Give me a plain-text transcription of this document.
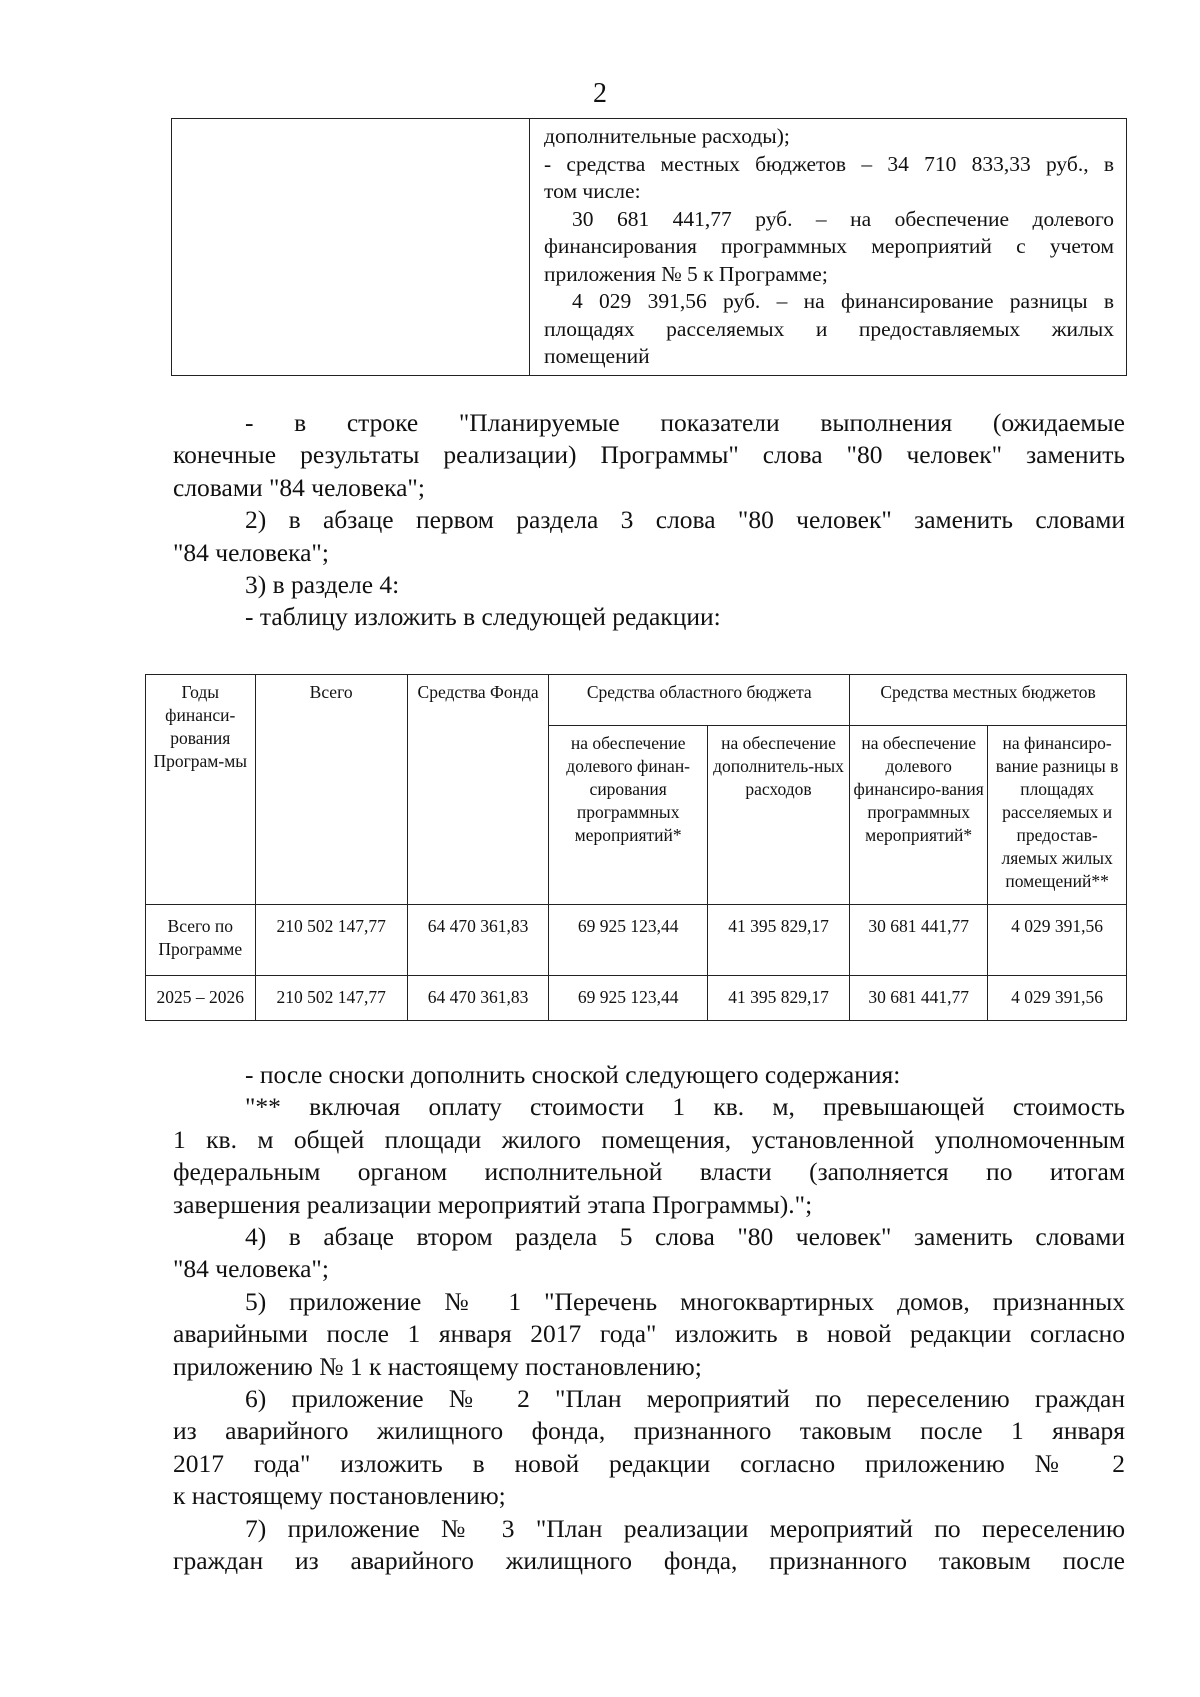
2

дополнительные расходы);
- средства местных бюджетов – 34 710 833,33 руб., в
том числе:
30 681 441,77 руб. – на обеспечение долевого
финансирования программных мероприятий с учетом
приложения № 5 к Программе;
4 029 391,56 руб. – на финансирование разницы в
площадях расселяемых и предоставляемых жилых
помещений
- в строке "Планируемые показатели выполнения (ожидаемые
конечные результаты реализации) Программы" слова "80 человек" заменить
словами "84 человека";
2) в абзаце первом раздела 3 слова "80 человек" заменить словами
"84 человека";
3) в разделе 4:
- таблицу изложить в следующей редакции:
Годы финанси-рования Програм-мы	Всего	Средства Фонда	Средства областного бюджета		Средства местных бюджетов	
			на обеспечение долевого финан-сирования программных мероприятий*	на обеспечение дополнитель-ных расходов	на обеспечение долевого финансиро-вания программных мероприятий*	на финансиро-вание разницы в площадях расселяемых и предостав-ляемых жилых помещений**
Всего по Программе	210 502 147,77	64 470 361,83	69 925 123,44	41 395 829,17	30 681 441,77	4 029 391,56
2025 – 2026	210 502 147,77	64 470 361,83	69 925 123,44	41 395 829,17	30 681 441,77	4 029 391,56
- после сноски дополнить сноской следующего содержания:
"** включая оплату стоимости 1 кв. м, превышающей стоимость
1 кв. м общей площади жилого помещения, установленной уполномоченным
федеральным органом исполнительной власти (заполняется по итогам
завершения реализации мероприятий этапа Программы).";
4) в абзаце втором раздела 5 слова "80 человек" заменить словами
"84 человека";
5) приложение № 1 "Перечень многоквартирных домов, признанных
аварийными после 1 января 2017 года" изложить в новой редакции согласно
приложению № 1 к настоящему постановлению;
6) приложение № 2 "План мероприятий по переселению граждан
из аварийного жилищного фонда, признанного таковым после 1 января
2017 года" изложить в новой редакции согласно приложению № 2
к настоящему постановлению;
7) приложение № 3 "План реализации мероприятий по переселению
граждан из аварийного жилищного фонда, признанного таковым после
